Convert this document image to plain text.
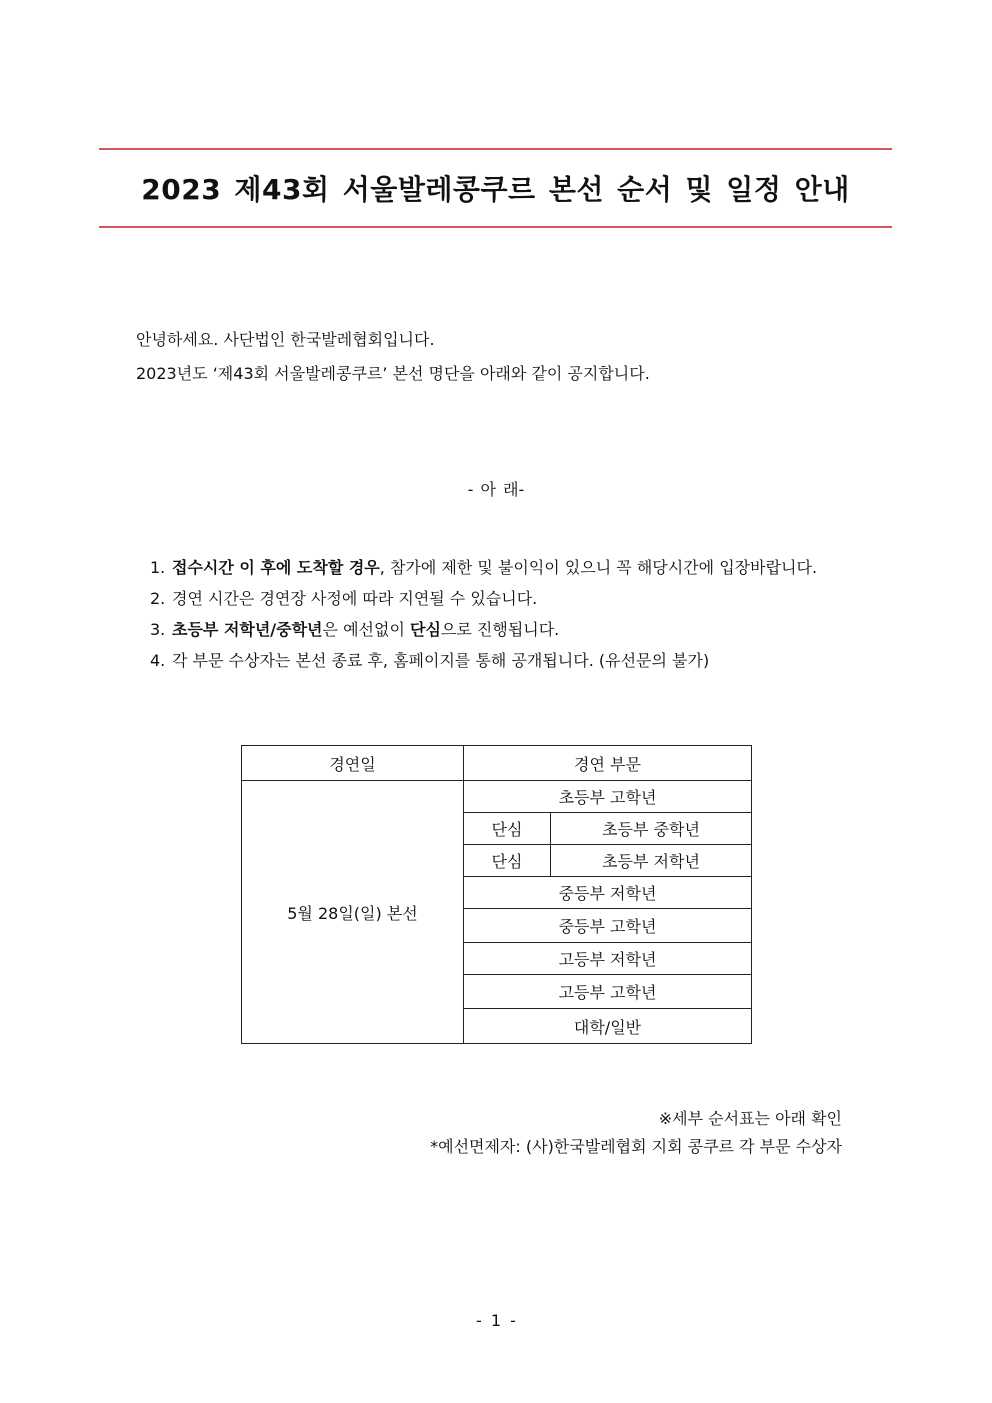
2023 제43회 서울발레콩쿠르 본선 순서 및 일정 안내
안녕하세요. 사단법인 한국발레협회입니다.
2023년도 ‘제43회 서울발레콩쿠르’ 본선 명단을 아래와 같이 공지합니다.
- 아 래-
1. 접수시간 이 후에 도착할 경우, 참가에 제한 및 불이익이 있으니 꼭 해당시간에 입장바랍니다.
2. 경연 시간은 경연장 사정에 따라 지연될 수 있습니다.
3. 초등부 저학년/중학년은 예선없이 단심으로 진행됩니다.
4. 각 부문 수상자는 본선 종료 후, 홈페이지를 통해 공개됩니다. (유선문의 불가)
경연일	경연 부문	
5월 28일(일) 본선	초등부 고학년	
	단심	초등부 중학년
	단심	초등부 저학년
	중등부 저학년	
	중등부 고학년	
	고등부 저학년	
	고등부 고학년	
	대학/일반	
※세부 순서표는 아래 확인
*예선면제자: (사)한국발레협회 지회 콩쿠르 각 부문 수상자
- 1 -
